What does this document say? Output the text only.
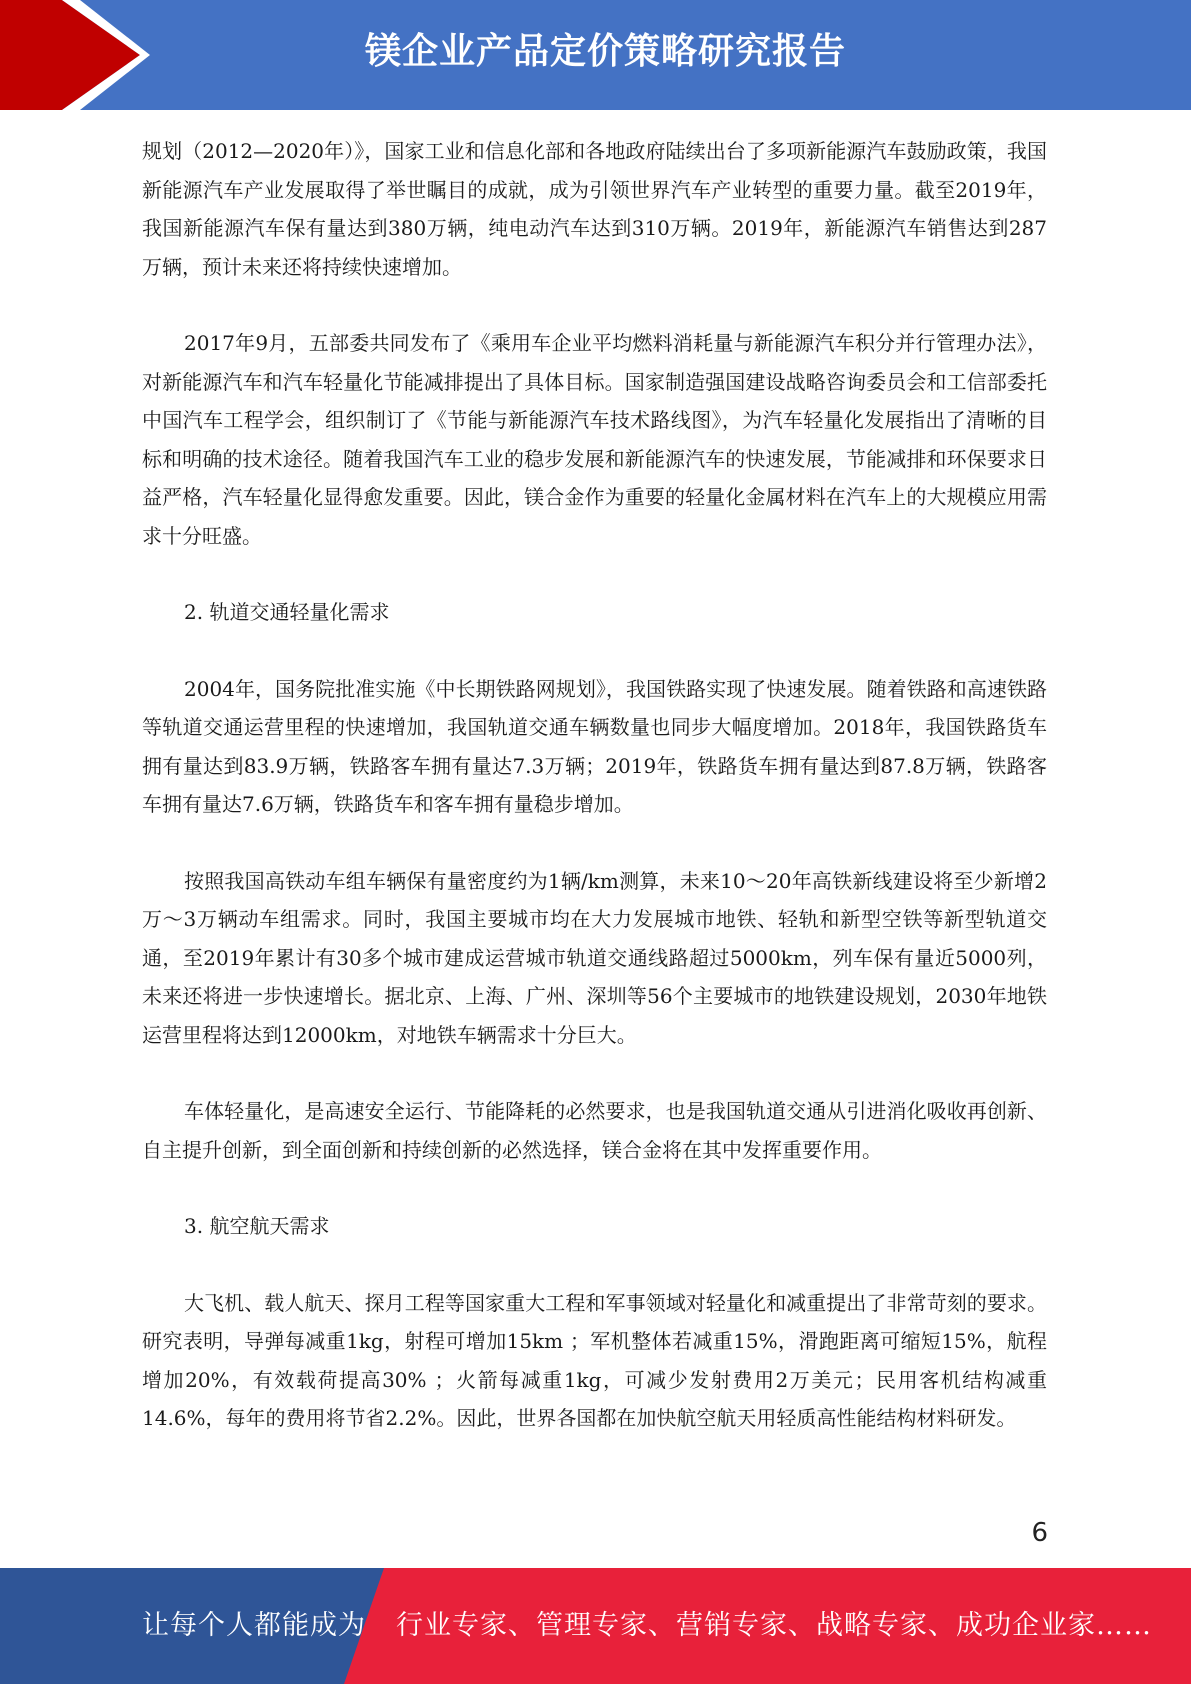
镁企业产品定价策略研究报告

规划（2012—2020年）》，国家工业和信息化部和各地政府陆续出台了多项新能源汽车鼓励政策，我国新能源汽车产业发展取得了举世瞩目的成就，成为引领世界汽车产业转型的重要力量。截至2019年，我国新能源汽车保有量达到380万辆，纯电动汽车达到310万辆。2019年，新能源汽车销售达到287万辆，预计未来还将持续快速增加。

2017年9月，五部委共同发布了《乘用车企业平均燃料消耗量与新能源汽车积分并行管理办法》，对新能源汽车和汽车轻量化节能减排提出了具体目标。国家制造强国建设战略咨询委员会和工信部委托中国汽车工程学会，组织制订了《节能与新能源汽车技术路线图》，为汽车轻量化发展指出了清晰的目标和明确的技术途径。随着我国汽车工业的稳步发展和新能源汽车的快速发展，节能减排和环保要求日益严格，汽车轻量化显得愈发重要。因此，镁合金作为重要的轻量化金属材料在汽车上的大规模应用需求十分旺盛。

2. 轨道交通轻量化需求

2004年，国务院批准实施《中长期铁路网规划》，我国铁路实现了快速发展。随着铁路和高速铁路等轨道交通运营里程的快速增加，我国轨道交通车辆数量也同步大幅度增加。2018年，我国铁路货车拥有量达到83.9万辆，铁路客车拥有量达7.3万辆；2019年，铁路货车拥有量达到87.8万辆，铁路客车拥有量达7.6万辆，铁路货车和客车拥有量稳步增加。

按照我国高铁动车组车辆保有量密度约为1辆/km测算，未来10～20年高铁新线建设将至少新增2万～3万辆动车组需求。同时，我国主要城市均在大力发展城市地铁、轻轨和新型空铁等新型轨道交通，至2019年累计有30多个城市建成运营城市轨道交通线路超过5000km，列车保有量近5000列，未来还将进一步快速增长。据北京、上海、广州、深圳等56个主要城市的地铁建设规划，2030年地铁运营里程将达到12000km，对地铁车辆需求十分巨大。

车体轻量化，是高速安全运行、节能降耗的必然要求，也是我国轨道交通从引进消化吸收再创新、自主提升创新，到全面创新和持续创新的必然选择，镁合金将在其中发挥重要作用。

3. 航空航天需求

大飞机、载人航天、探月工程等国家重大工程和军事领域对轻量化和减重提出了非常苛刻的要求。研究表明，导弹每减重1kg，射程可增加15km ；军机整体若减重15%，滑跑距离可缩短15%，航程增加20%，有效载荷提高30% ；火箭每减重1kg，可减少发射费用2万美元；民用客机结构减重14.6%，每年的费用将节省2.2%。因此，世界各国都在加快航空航天用轻质高性能结构材料研发。

6
让每个人都能成为 行业专家、管理专家、营销专家、战略专家、成功企业家……
